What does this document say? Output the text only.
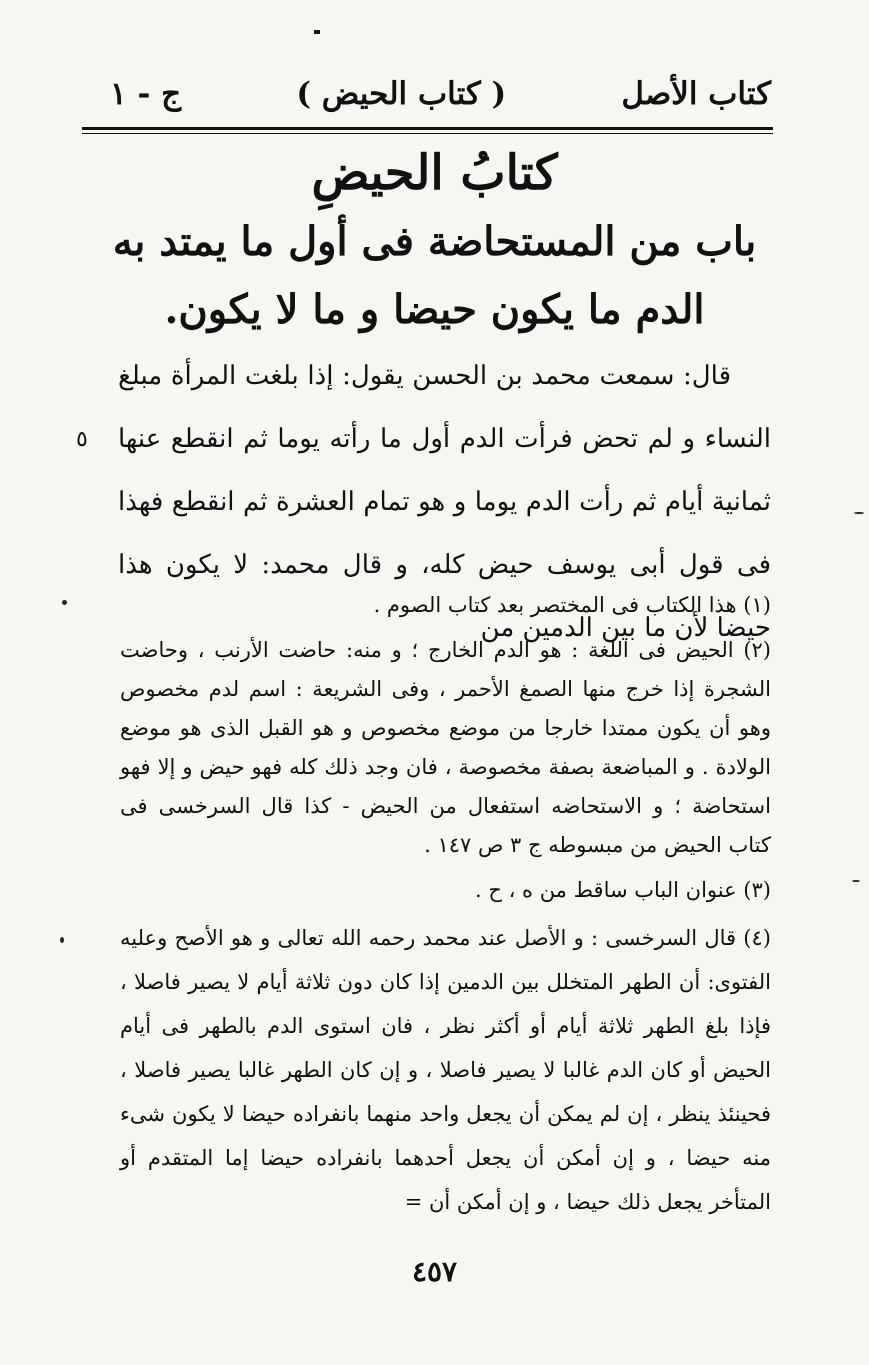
كتاب الأصل
( كتاب الحيض )
ج - ١
كتابُ الحيضِ
باب من المستحاضة فى أول ما يمتد به الدم ما يكون حيضا و ما لا يكون.

قال: سمعت محمد بن الحسن يقول: إذا بلغت المرأة مبلغ النساء و لم تحض فرأت الدم أول ما رأته يوما ثم انقطع عنها ثمانية أيام ثم رأت الدم يوما و هو تمام العشرة ثم انقطع فهذا فى قول أبى يوسف حيض كله، و قال محمد: لا يكون هذا حيضا لأن ما بين الدمين من

٥

(١) هذا الكتاب فى المختصر بعد كتاب الصوم .

(٢) الحيض فى اللغة : هو الدم الخارج ؛ و منه: حاضت الأرنب ، وحاضت الشجرة إذا خرج منها الصمغ الأحمر ، وفى الشريعة : اسم لدم مخصوص وهو أن يكون ممتدا خارجا من موضع مخصوص و هو القبل الذى هو موضع الولادة . و المباضعة بصفة مخصوصة ، فان وجد ذلك كله فهو حيض و إلا فهو استحاضة ؛ و الاستحاضه استفعال من الحيض - كذا قال السرخسى فى كتاب الحيض من مبسوطه ج ٣ ص ١٤٧ .

(٣) عنوان الباب ساقط من ه ، ح .

(٤) قال السرخسى : و الأصل عند محمد رحمه الله تعالى و هو الأصح وعليه الفتوى: أن الطهر المتخلل بين الدمين إذا كان دون ثلاثة أيام لا يصير فاصلا ، فإذا بلغ الطهر ثلاثة أيام أو أكثر نظر ، فان استوى الدم بالطهر فى أيام الحيض أو كان الدم غالبا لا يصير فاصلا ، و إن كان الطهر غالبا يصير فاصلا ، فحينئذ ينظر ، إن لم يمكن أن يجعل واحد منهما بانفراده حيضا لا يكون شىء منه حيضا ، و إن أمكن أن يجعل أحدهما بانفراده حيضا إما المتقدم أو المتأخر يجعل ذلك حيضا ، و إن أمكن أن =

٤٥٧
